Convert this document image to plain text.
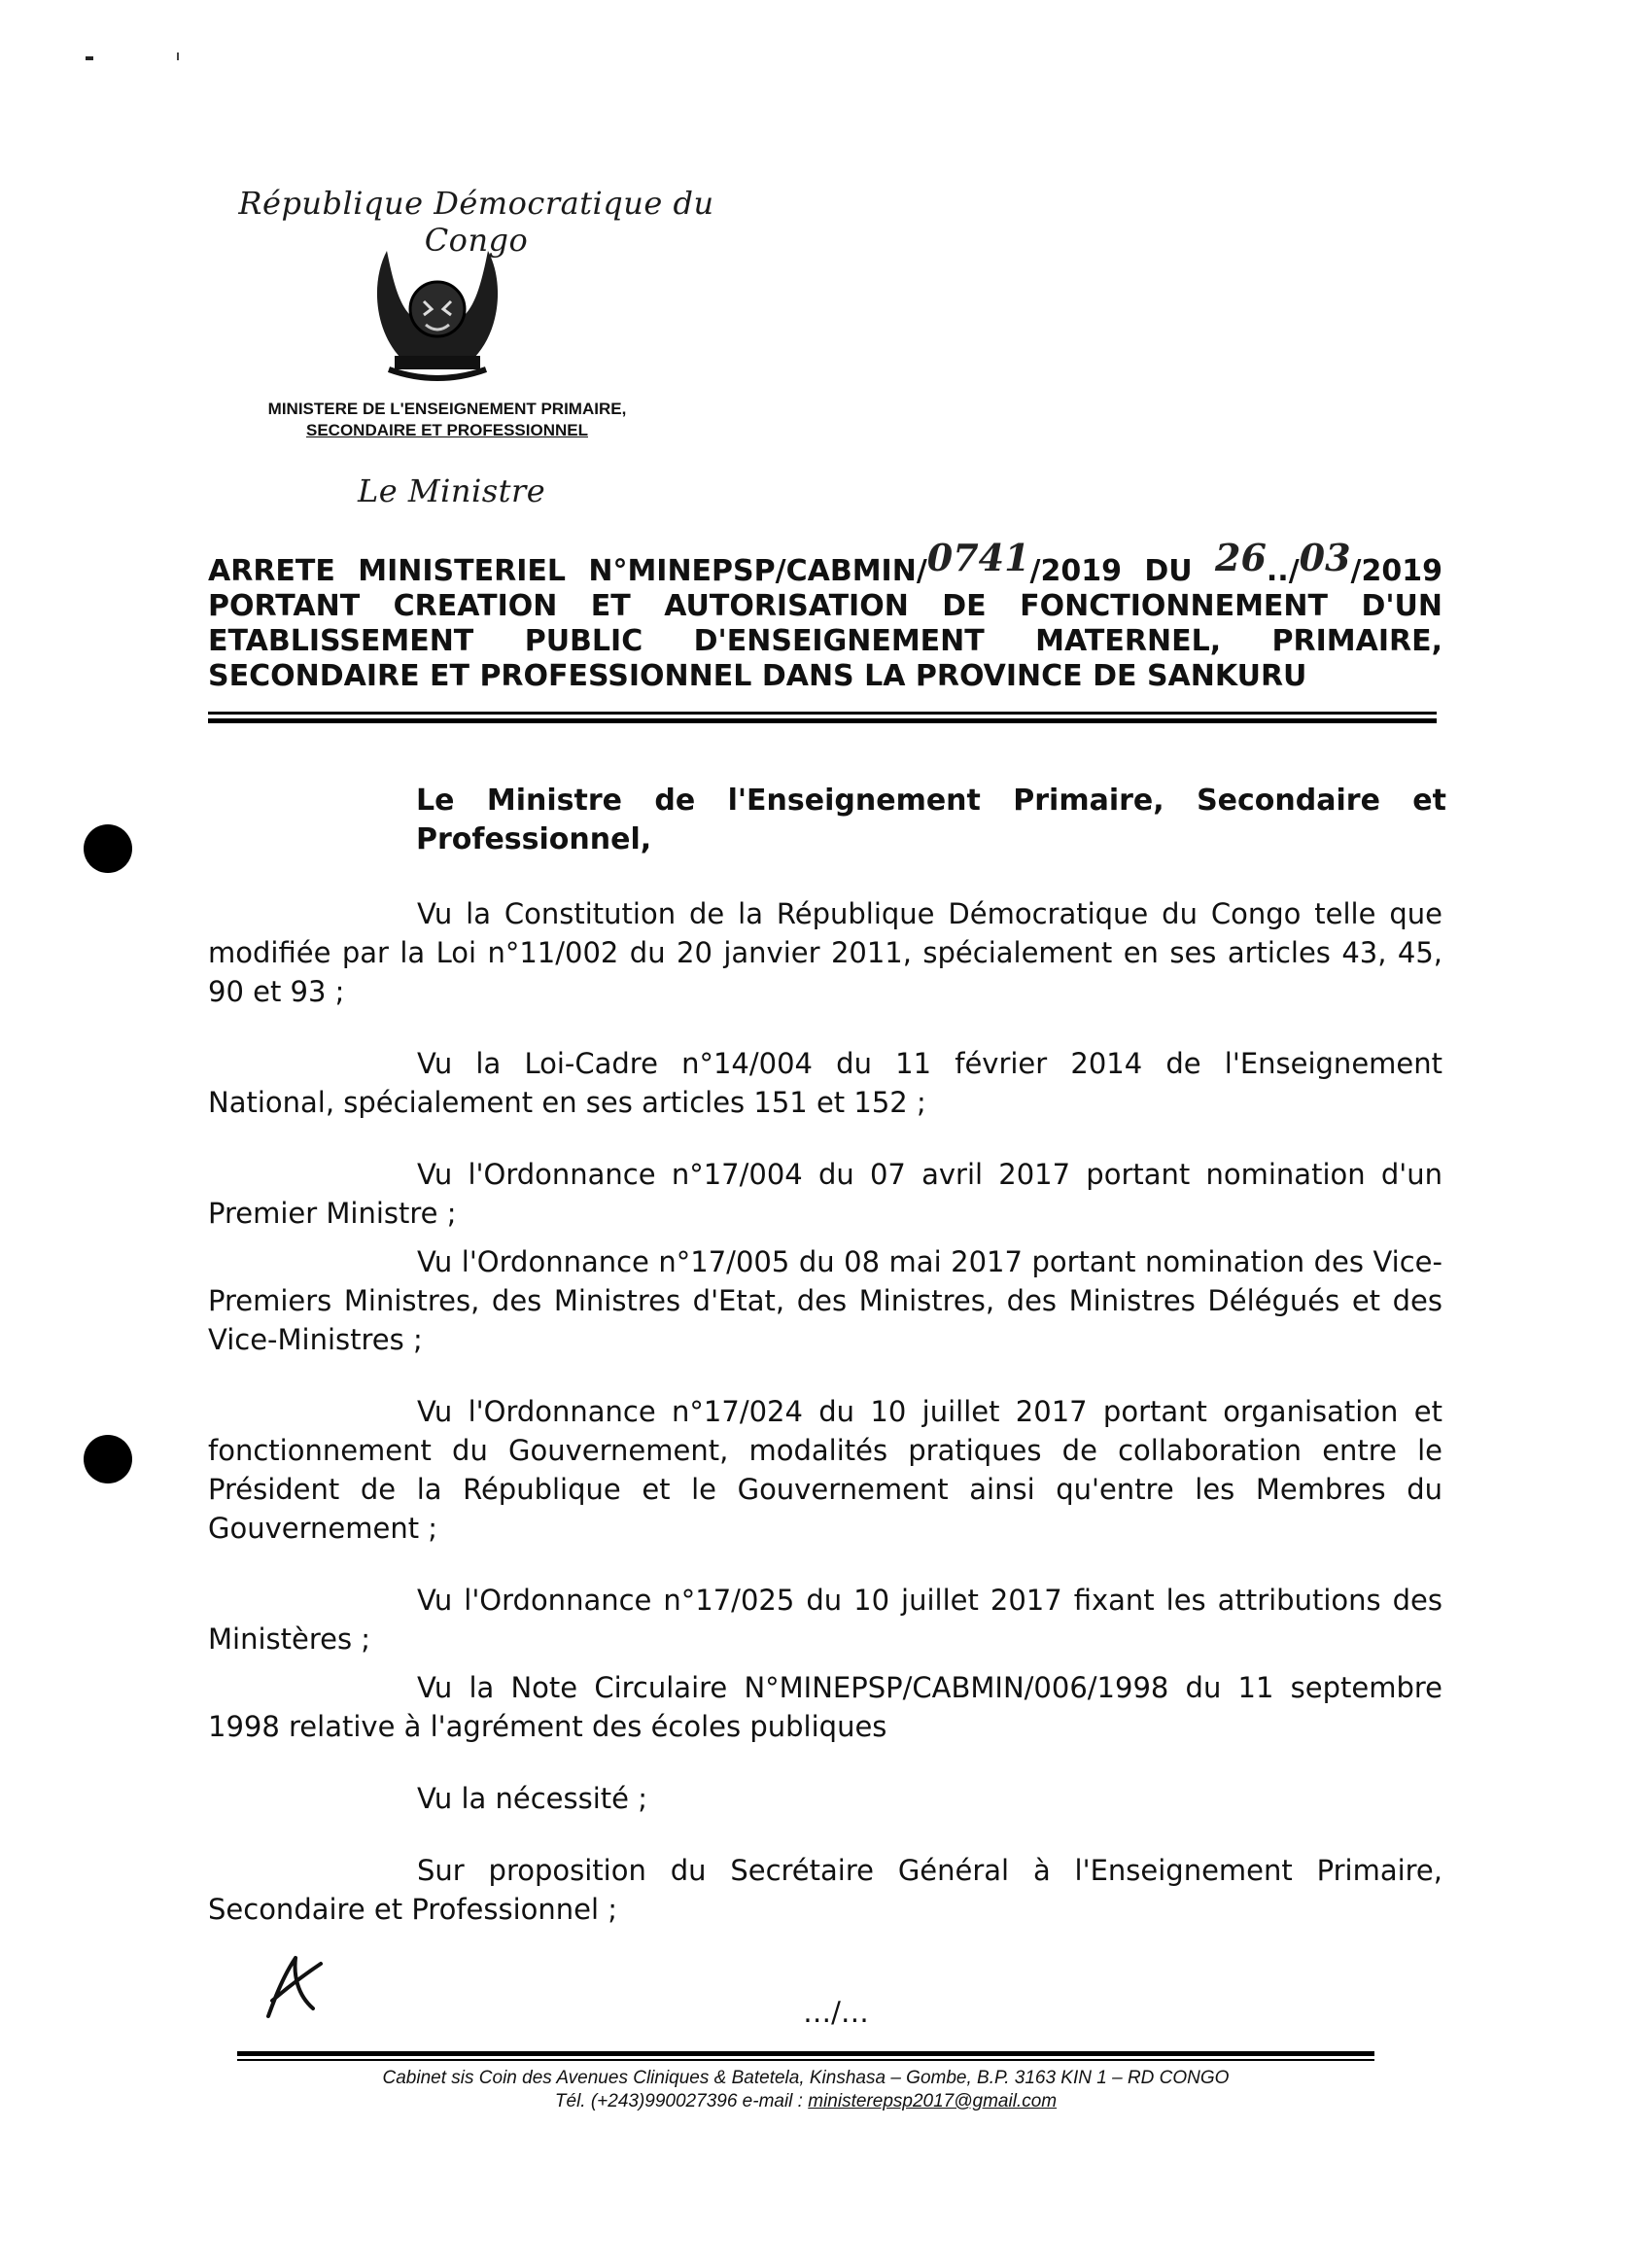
République Démocratique du Congo
MINISTERE DE L'ENSEIGNEMENT PRIMAIRE,
SECONDAIRE ET PROFESSIONNEL
Le Ministre
ARRETE MINISTERIEL N°MINEPSP/CABMIN/0741/2019 DU 26../03/2019
PORTANT CREATION ET AUTORISATION DE FONCTIONNEMENT D'UN
ETABLISSEMENT PUBLIC D'ENSEIGNEMENT MATERNEL, PRIMAIRE,
SECONDAIRE ET PROFESSIONNEL DANS LA PROVINCE DE SANKURU
Le Ministre de l'Enseignement Primaire, Secondaire et Professionnel,

Vu la Constitution de la République Démocratique du Congo telle que modifiée par la Loi n°11/002 du 20 janvier 2011, spécialement en ses articles 43, 45, 90 et 93 ;

Vu la Loi-Cadre n°14/004 du 11 février 2014 de l'Enseignement National, spécialement en ses articles 151 et 152 ;

Vu l'Ordonnance n°17/004 du 07 avril 2017 portant nomination d'un Premier Ministre ;

Vu l'Ordonnance n°17/005 du 08 mai 2017 portant nomination des Vice-Premiers Ministres, des Ministres d'Etat, des Ministres, des Ministres Délégués et des Vice-Ministres ;

Vu l'Ordonnance n°17/024 du 10 juillet 2017 portant organisation et fonctionnement du Gouvernement, modalités pratiques de collaboration entre le Président de la République et le Gouvernement ainsi qu'entre les Membres du Gouvernement ;

Vu l'Ordonnance n°17/025 du 10 juillet 2017 fixant les attributions des Ministères ;

Vu la Note Circulaire N°MINEPSP/CABMIN/006/1998 du 11 septembre 1998 relative à l'agrément des écoles publiques

Vu la nécessité ;

Sur proposition du Secrétaire Général à l'Enseignement Primaire, Secondaire et Professionnel ;

…/…
Cabinet sis Coin des Avenues Cliniques & Batetela, Kinshasa – Gombe, B.P. 3163 KIN 1 – RD CONGO
Tél. (+243)990027396 e-mail : ministerepsp2017@gmail.com
